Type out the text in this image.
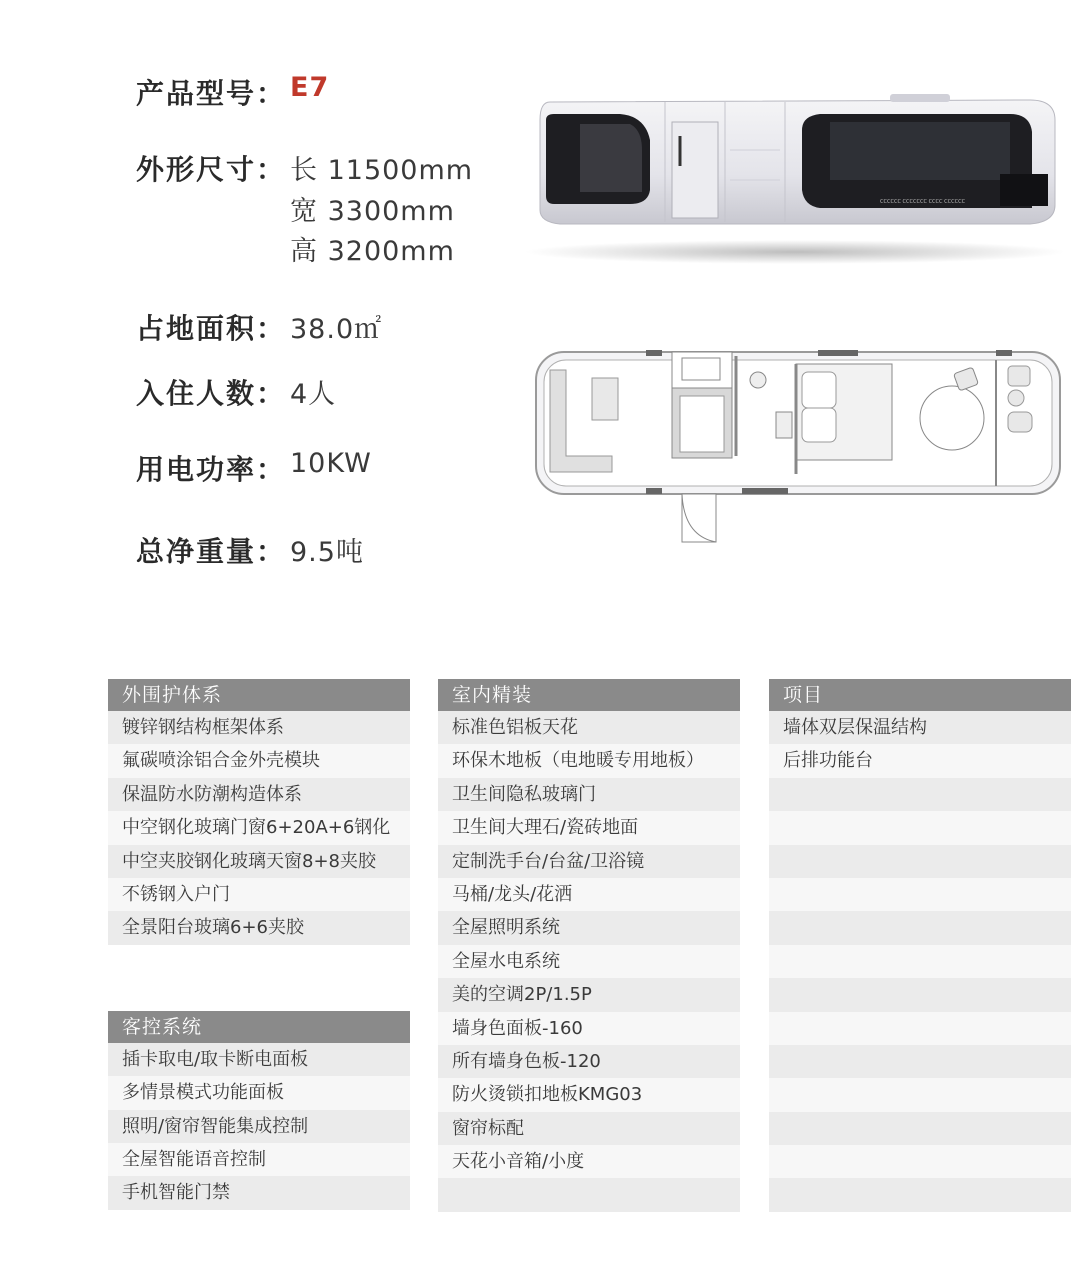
产品型号： E7
外形尺寸： 长 11500mm
宽 3300mm
高 3200mm
占地面积： 38.0㎡
入住人数： 4人
用电功率： 10KW
总净重量： 9.5吨
CCCCCC CCCCCCC CCCC CCCCCC
外围护体系
镀锌钢结构框架体系
氟碳喷涂铝合金外壳模块
保温防水防潮构造体系
中空钢化玻璃门窗6+20A+6钢化
中空夹胶钢化玻璃天窗8+8夹胶
不锈钢入户门
全景阳台玻璃6+6夹胶
客控系统
插卡取电/取卡断电面板
多情景模式功能面板
照明/窗帘智能集成控制
全屋智能语音控制
手机智能门禁
室内精装
标准色铝板天花
环保木地板（电地暖专用地板）
卫生间隐私玻璃门
卫生间大理石/瓷砖地面
定制洗手台/台盆/卫浴镜
马桶/龙头/花洒
全屋照明系统
全屋水电系统
美的空调2P/1.5P
墙身色面板-160
所有墙身色板-120
防火烫锁扣地板KMG03
窗帘标配
天花小音箱/小度
项目
墙体双层保温结构
后排功能台
